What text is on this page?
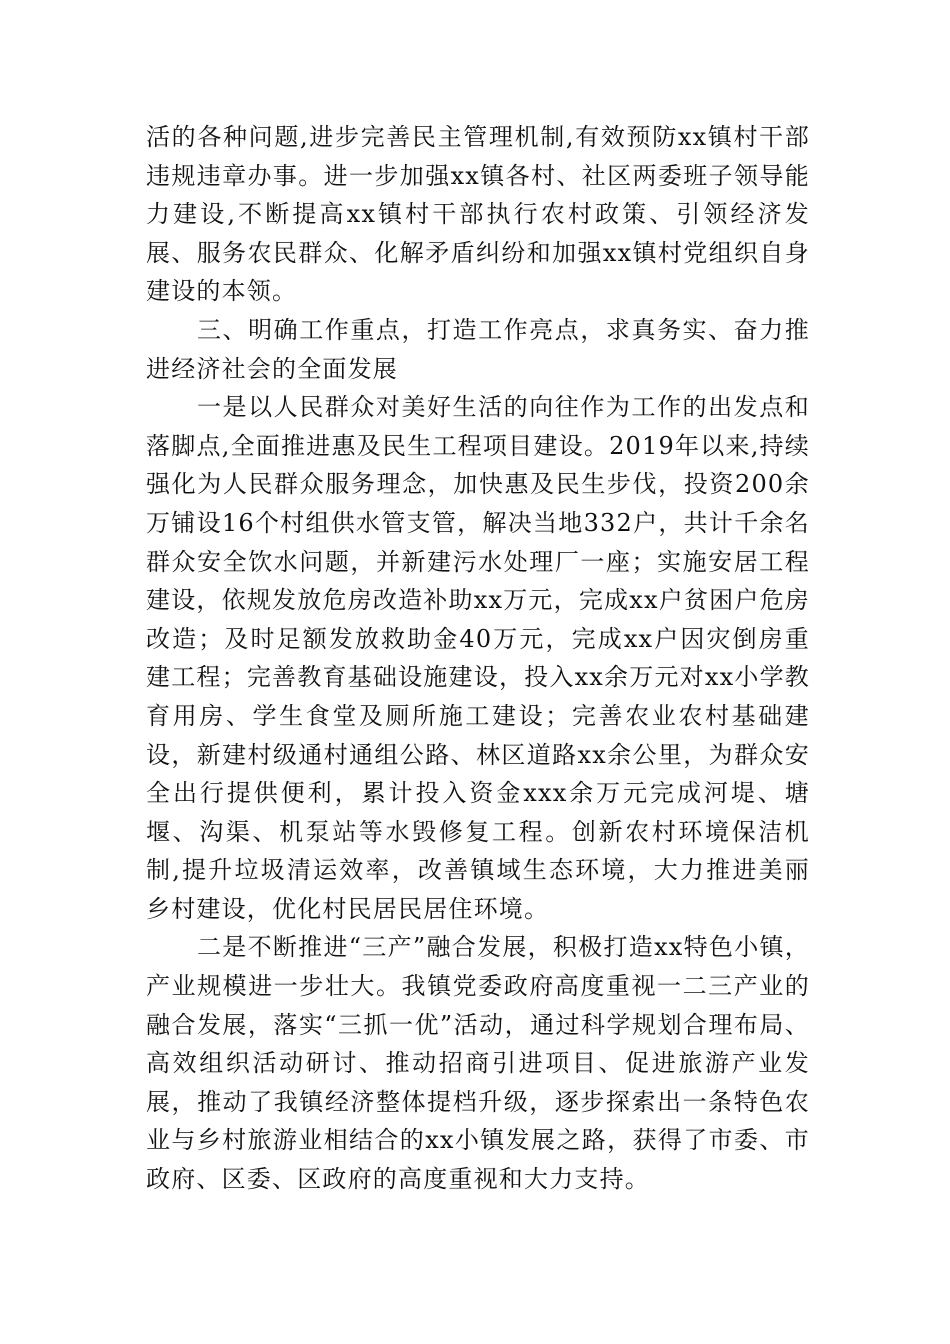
活的各种问题,进步完善民主管理机制,有效预防xx镇村干部违规违章办事。进一步加强xx镇各村、社区两委班子领导能力建设,不断提高xx镇村干部执行农村政策、引领经济发展、服务农民群众、化解矛盾纠纷和加强xx镇村党组织自身建设的本领。

三、明确工作重点，打造工作亮点，求真务实、奋力推进经济社会的全面发展

一是以人民群众对美好生活的向往作为工作的出发点和落脚点,全面推进惠及民生工程项目建设。2019年以来,持续强化为人民群众服务理念，加快惠及民生步伐，投资200余万铺设16个村组供水管支管，解决当地332户，共计千余名群众安全饮水问题，并新建污水处理厂一座；实施安居工程建设，依规发放危房改造补助xx万元，完成xx户贫困户危房改造；及时足额发放救助金40万元，完成xx户因灾倒房重建工程；完善教育基础设施建设，投入xx余万元对xx小学教育用房、学生食堂及厕所施工建设；完善农业农村基础建设，新建村级通村通组公路、林区道路xx余公里，为群众安全出行提供便利，累计投入资金xxx余万元完成河堤、塘堰、沟渠、机泵站等水毁修复工程。创新农村环境保洁机制,提升垃圾清运效率，改善镇域生态环境，大力推进美丽乡村建设，优化村民居民居住环境。

二是不断推进“三产”融合发展，积极打造xx特色小镇，产业规模进一步壮大。我镇党委政府高度重视一二三产业的融合发展，落实“三抓一优”活动，通过科学规划合理布局、高效组织活动研讨、推动招商引进项目、促进旅游产业发展，推动了我镇经济整体提档升级，逐步探索出一条特色农业与乡村旅游业相结合的xx小镇发展之路，获得了市委、市政府、区委、区政府的高度重视和大力支持。
